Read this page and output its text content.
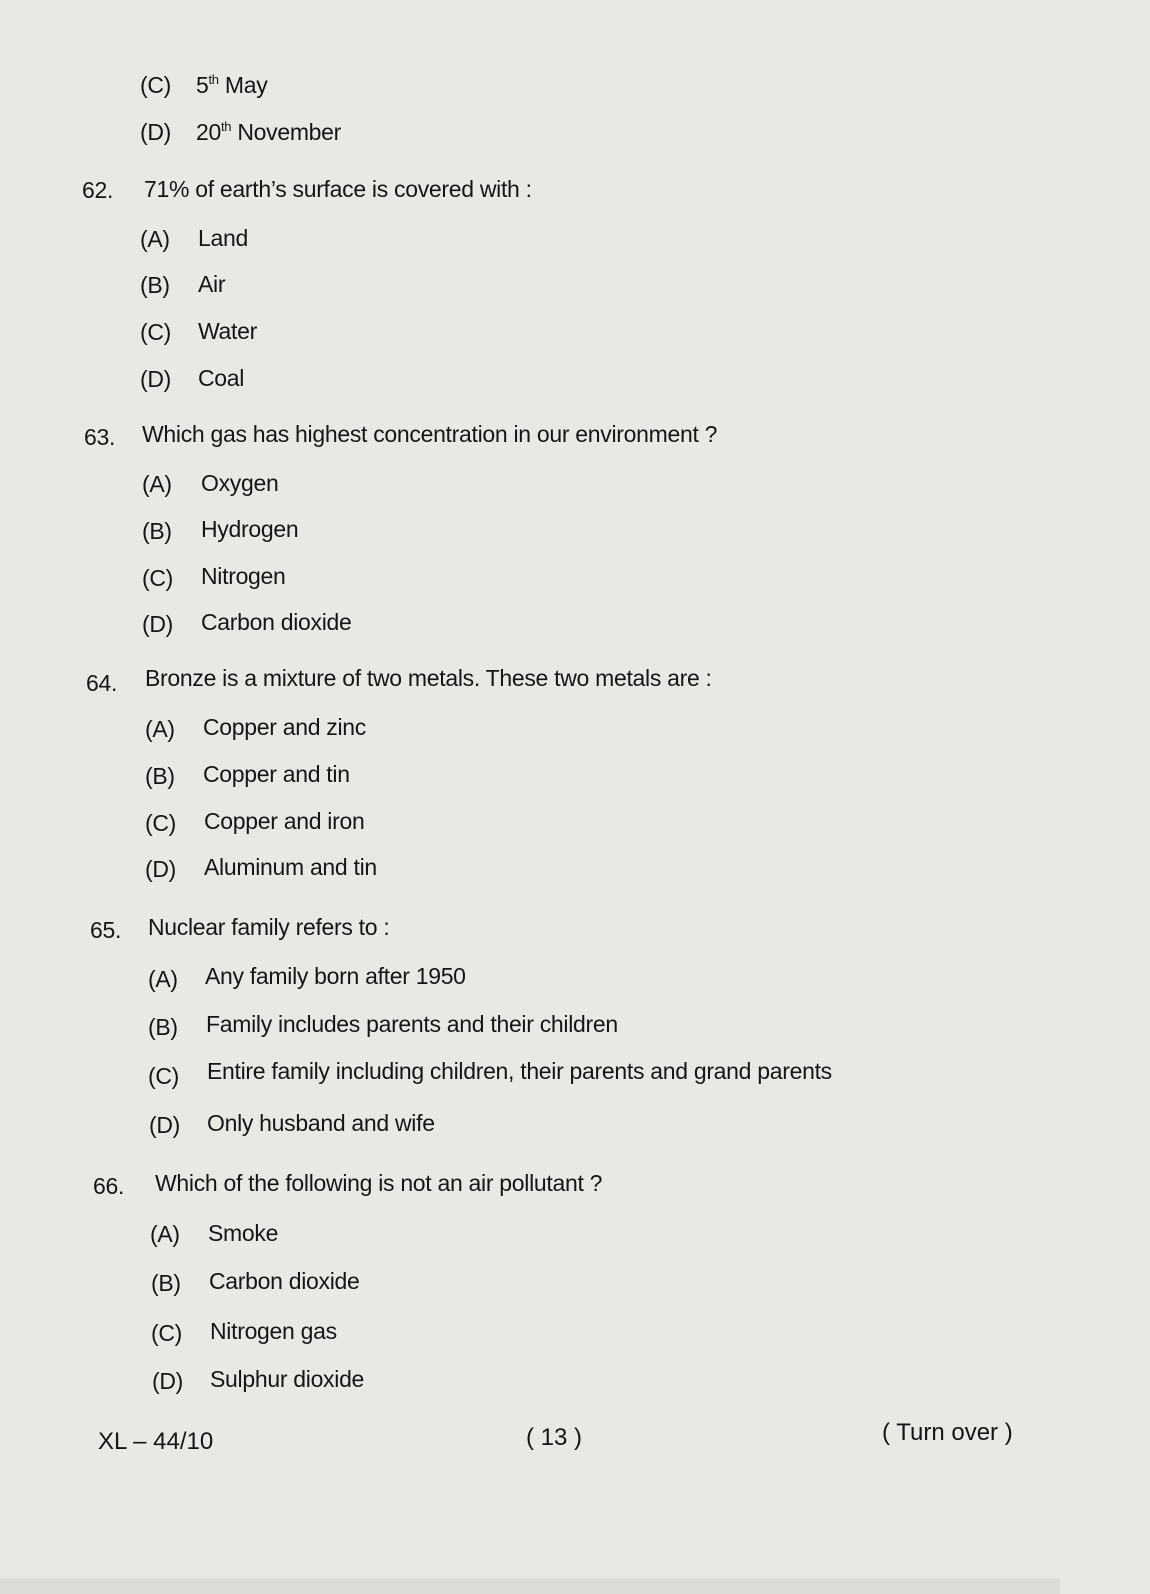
(C) 5th May
(D) 20th November
62. 71% of earth’s surface is covered with :
(A) Land
(B) Air
(C) Water
(D) Coal
63. Which gas has highest concentration in our environment ?
(A) Oxygen
(B) Hydrogen
(C) Nitrogen
(D) Carbon dioxide
64. Bronze is a mixture of two metals. These two metals are :
(A) Copper and zinc
(B) Copper and tin
(C) Copper and iron
(D) Aluminum and tin
65. Nuclear family refers to :
(A) Any family born after 1950
(B) Family includes parents and their children
(C) Entire family including children, their parents and grand parents
(D) Only husband and wife
66. Which of the following is not an air pollutant ?
(A) Smoke
(B) Carbon dioxide
(C) Nitrogen gas
(D) Sulphur dioxide
XL – 44/10	( 13 )	( Turn over )
